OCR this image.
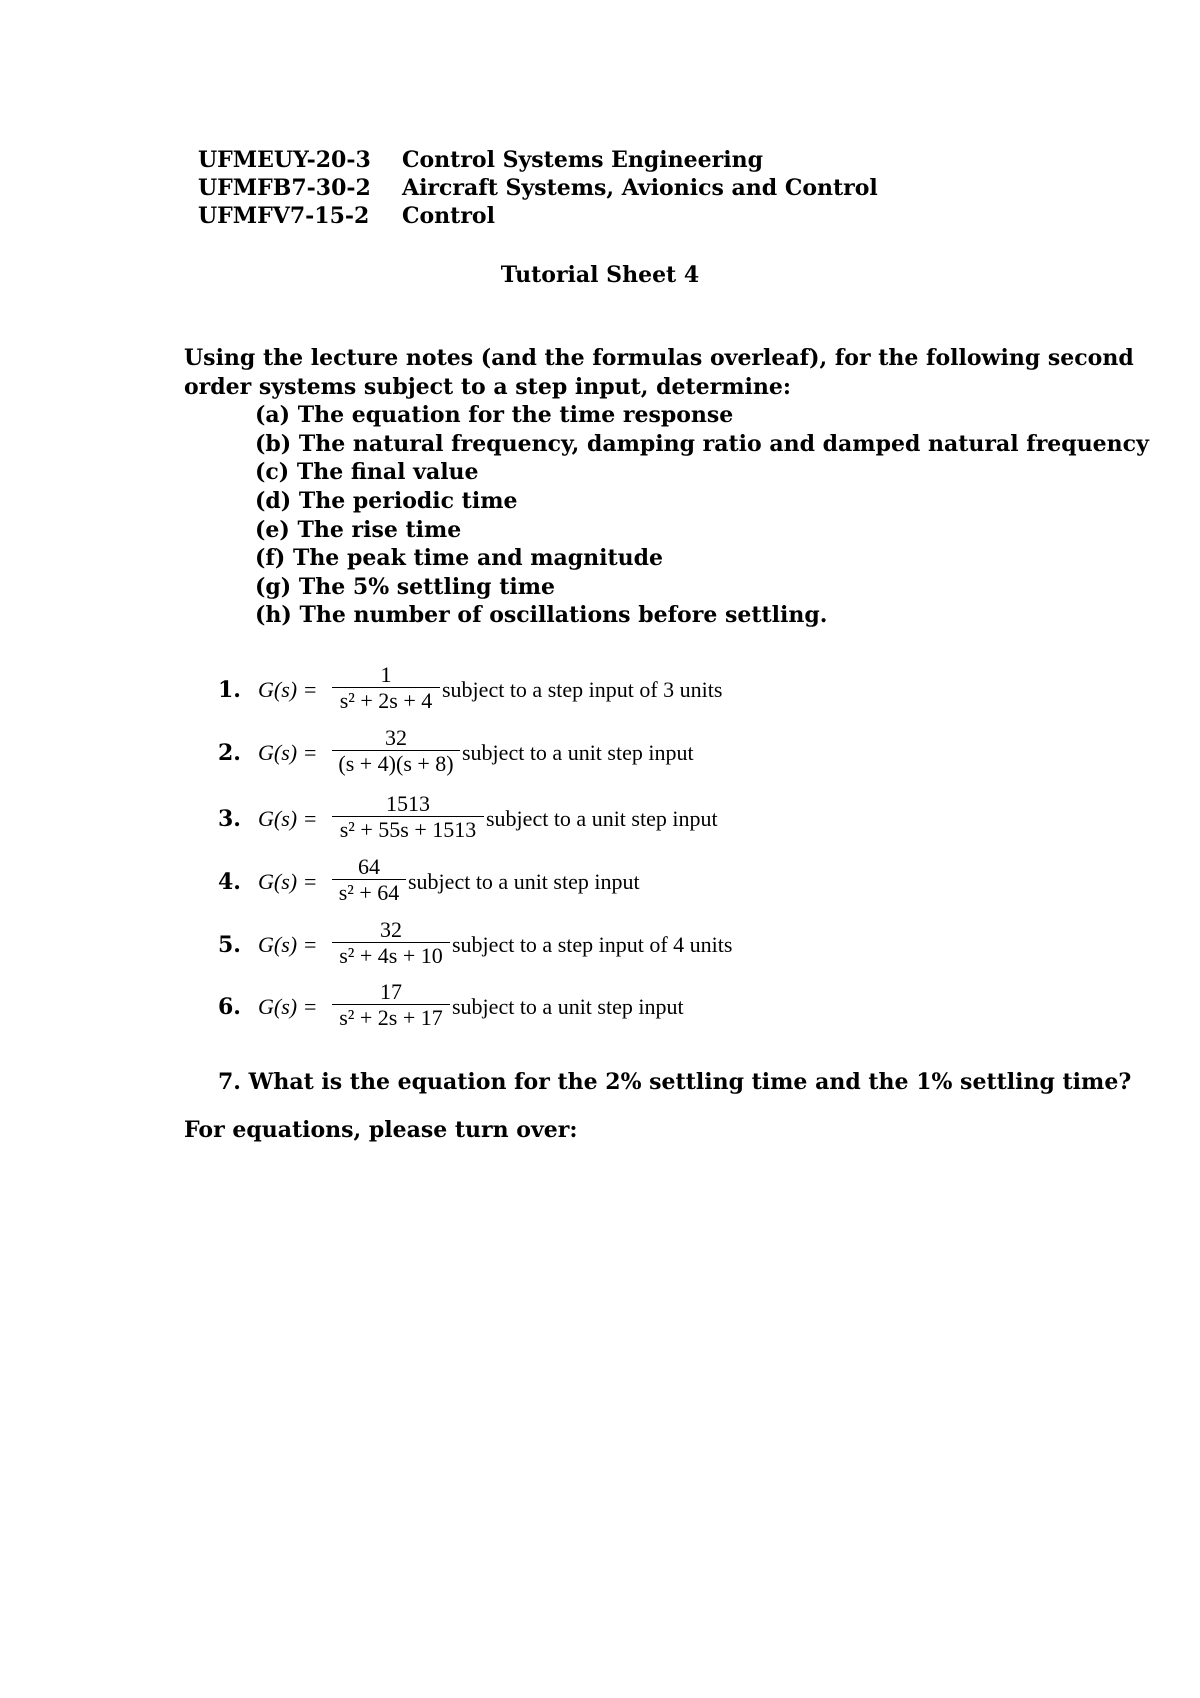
UFMEUY-20-3 Control Systems Engineering
UFMFB7-30-2 Aircraft Systems, Avionics and Control
UFMFV7-15-2 Control
Tutorial Sheet 4
Using the lecture notes (and the formulas overleaf), for the following second
order systems subject to a step input, determine:
(a) The equation for the time response
(b) The natural frequency, damping ratio and damped natural frequency
(c) The final value
(d) The periodic time
(e) The rise time
(f) The peak time and magnitude
(g) The 5% settling time
(h) The number of oscillations before settling.
1. G(s) =
1
s² + 2s + 4 subject to a step input of 3 units
2. G(s) =
32
(s + 4)(s + 8) subject to a unit step input
3. G(s) =
1513
s² + 55s + 1513 subject to a unit step input
4. G(s) =
64
s² + 64 subject to a unit step input
5. G(s) =
32
s² + 4s + 10 subject to a step input of 4 units
6. G(s) =
17
s² + 2s + 17 subject to a unit step input
7. What is the equation for the 2% settling time and the 1% settling time?
For equations, please turn over:
